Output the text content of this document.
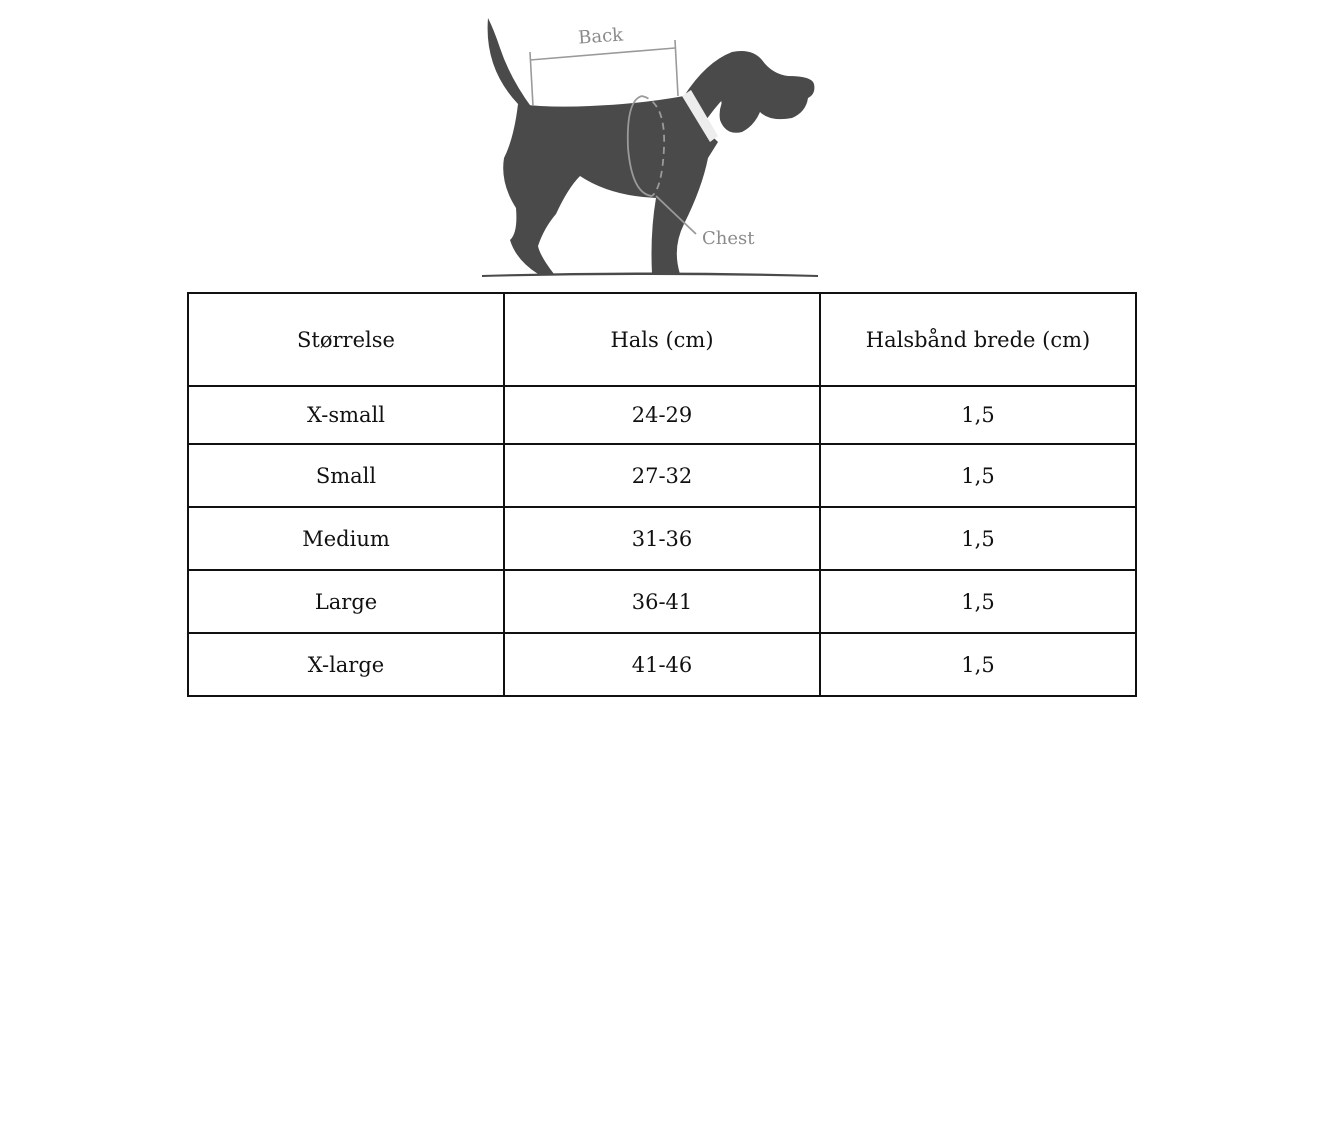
Back
Chest
Størrelse	Hals (cm)	Halsbånd brede (cm)
X-small	24-29	1,5
Small	27-32	1,5
Medium	31-36	1,5
Large	36-41	1,5
X-large	41-46	1,5
